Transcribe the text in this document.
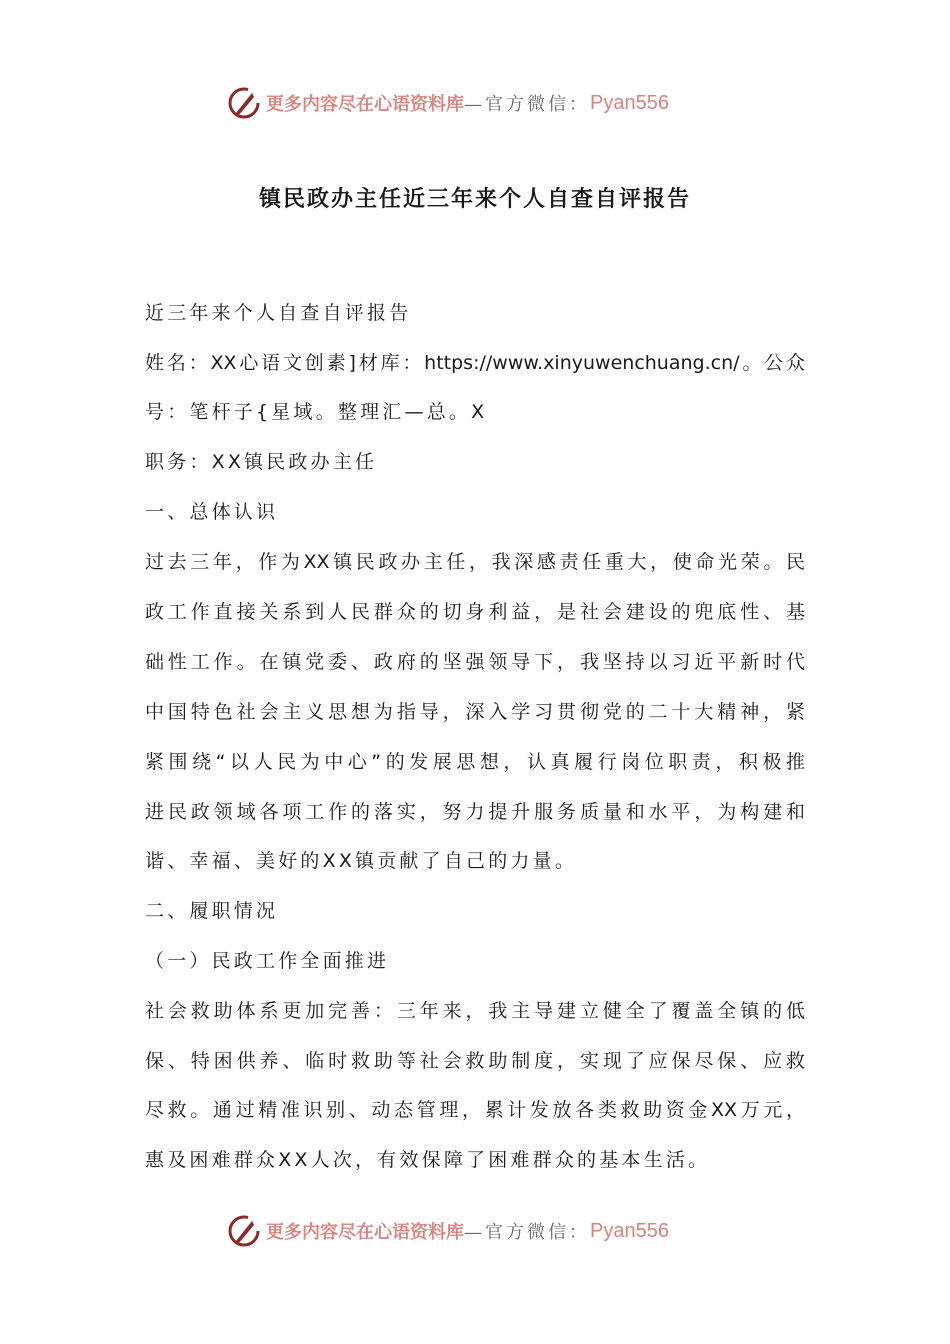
更多内容尽在心语资料库 —官方微信： Pyan556
镇民政办主任近三年来个人自查自评报告
近三年来个人自查自评报告
姓名：XX心语文创素]材库：https://www.xinyuwenchuang.cn/。公众
号：笔杆子{星域。整理汇—总。X
职务：XX镇民政办主任
一、总体认识
过去三年，作为XX镇民政办主任，我深感责任重大，使命光荣。民
政工作直接关系到人民群众的切身利益，是社会建设的兜底性、基
础性工作。在镇党委、政府的坚强领导下，我坚持以习近平新时代
中国特色社会主义思想为指导，深入学习贯彻党的二十大精神，紧
紧围绕“以人民为中心”的发展思想，认真履行岗位职责，积极推
进民政领域各项工作的落实，努力提升服务质量和水平，为构建和
谐、幸福、美好的XX镇贡献了自己的力量。
二、履职情况
（一）民政工作全面推进
社会救助体系更加完善：三年来，我主导建立健全了覆盖全镇的低
保、特困供养、临时救助等社会救助制度，实现了应保尽保、应救
尽救。通过精准识别、动态管理，累计发放各类救助资金XX万元，
惠及困难群众XX人次，有效保障了困难群众的基本生活。
更多内容尽在心语资料库 —官方微信： Pyan556
